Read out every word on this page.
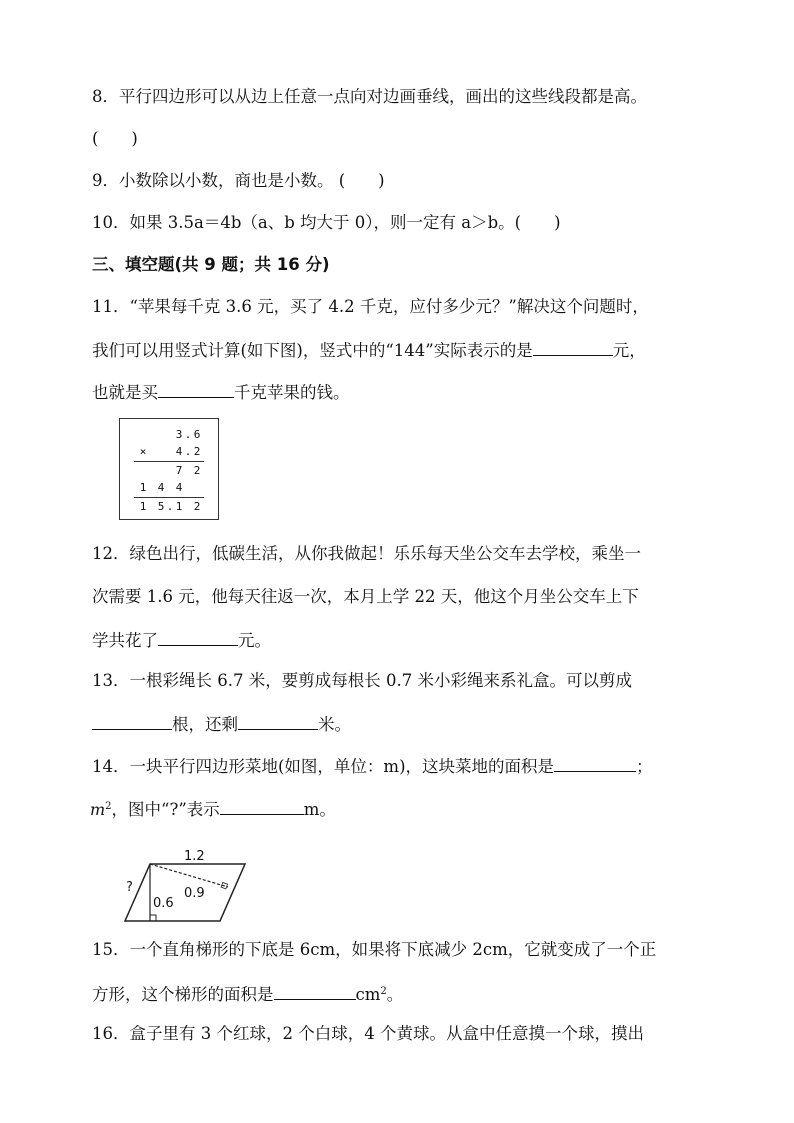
8．平行四边形可以从边上任意一点向对边画垂线，画出的这些线段都是高。
(　　)
9．小数除以小数，商也是小数。 (　　)
10．如果 3.5a＝4b（a、b 均大于 0），则一定有 a＞b。(　　)
三、填空题(共 9 题；共 16 分)
11．“苹果每千克 3.6 元，买了 4.2 千克，应付多少元？”解决这个问题时，
我们可以用竖式计算(如下图)，竖式中的“144”实际表示的是	元，
也就是买	千克苹果的钱。
3 . 6
×	4 . 2
7 2
1 4 4
1 5 . 1 2
12．绿色出行，低碳生活，从你我做起！乐乐每天坐公交车去学校，乘坐一
次需要 1.6 元，他每天往返一次，本月上学 22 天，他这个月坐公交车上下
学共花了	元。
13．一根彩绳长 6.7 米，要剪成每根长 0.7 米小彩绳来系礼盒。可以剪成
根，还剩	米。
14．一块平行四边形菜地(如图，单位：m)，这块菜地的面积是	；
$m^2$，图中“?”表示	m。
1.2
?
0.6
0.9
15．一个直角梯形的下底是 6cm，如果将下底减少 2cm，它就变成了一个正
方形，这个梯形的面积是	$cm^2$。
16．盒子里有 3 个红球，2 个白球，4 个黄球。从盒中任意摸一个球，摸出
